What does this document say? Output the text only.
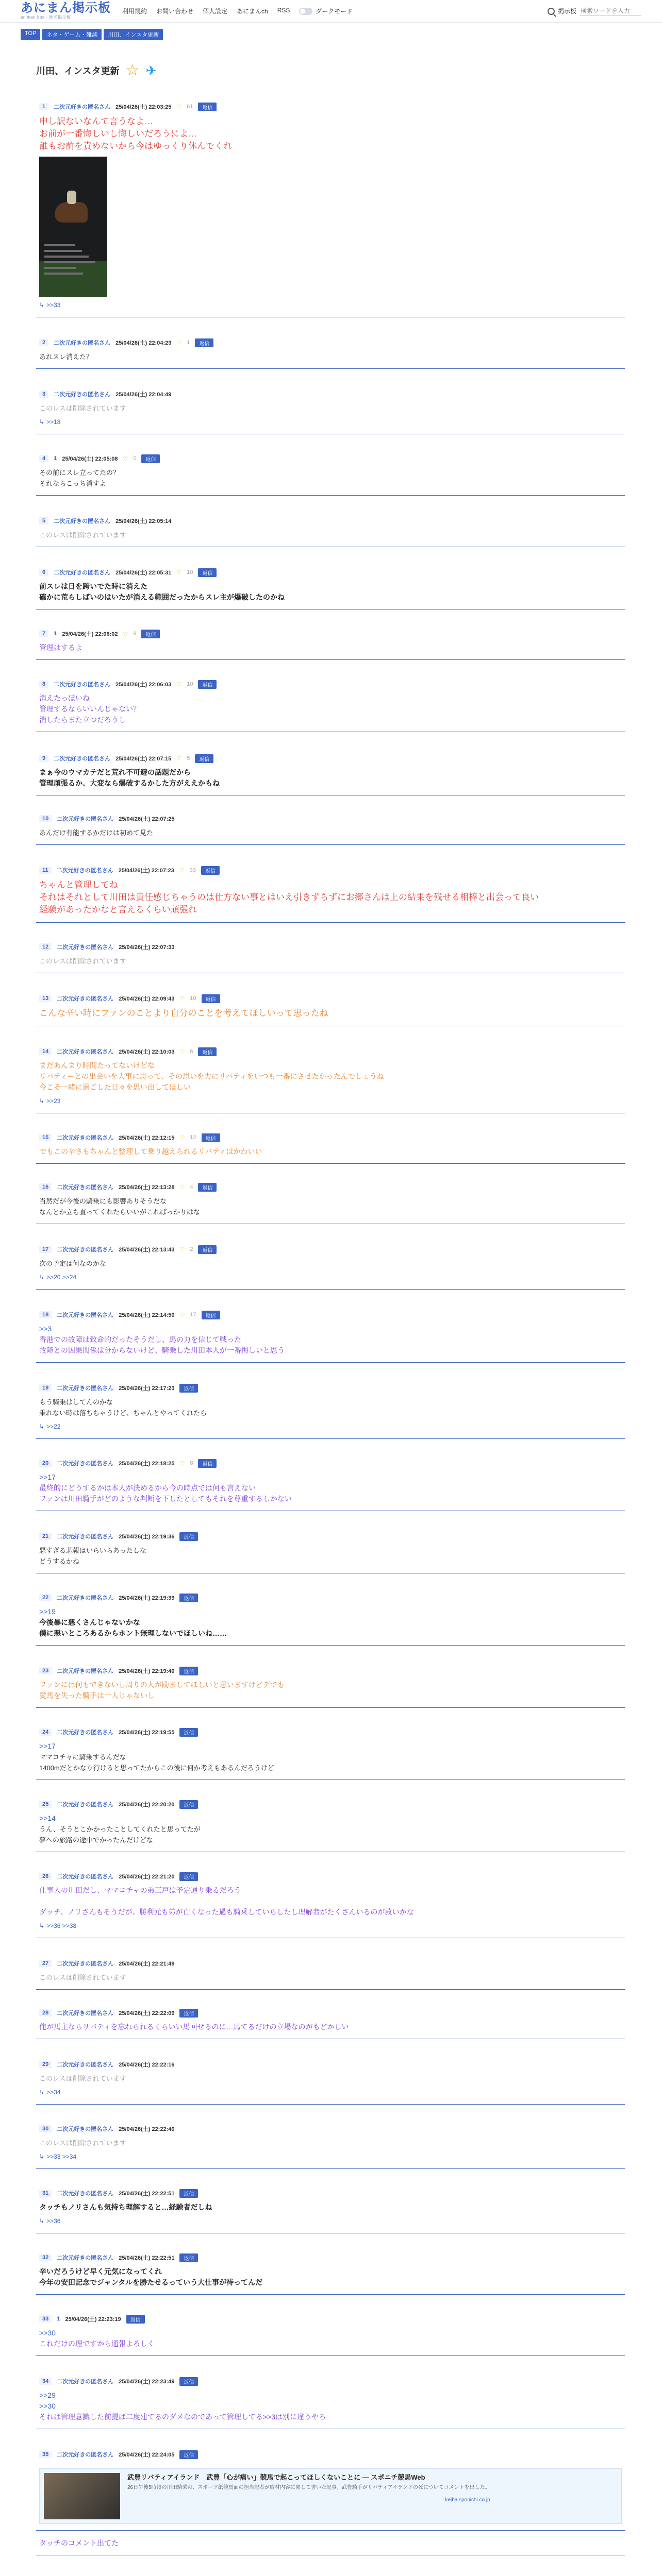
あにまん掲示板
animan bbs · 匿名掲示板
利用規約 お問い合わせ 個人設定 あにまんch RSS	ダークモード	掲示板
検索ワードを入力
TOP	ネタ・ゲーム・雑談	川田、インスタ更新
川田、インスタ更新 ☆ ✈
1	二次元好きの匿名さん 25/04/26(土) 22:03:25 ♡ 61	返信
申し訳ないなんて言うなよ…
お前が一番悔しいし悔しいだろうによ…
誰もお前を責めないから今はゆっくり休んでくれ
↳ >>33
2	二次元好きの匿名さん 25/04/26(土) 22:04:23 ♡ 1	返信
あれスレ消えた？
3	二次元好きの匿名さん 25/04/26(土) 22:04:49
このレスは削除されています
↳ >>18
4	1 25/04/26(土) 22:05:08 ♡ 0	返信
その前にスレ立ってたの？
それならこっち消すよ
5	二次元好きの匿名さん 25/04/26(土) 22:05:14
このレスは削除されています
6	二次元好きの匿名さん 25/04/26(土) 22:05:31 ♡ 10	返信
前スレは日を跨いでた時に消えた
確かに荒らしばいのはいたが消える範囲だったからスレ主が爆破したのかね
7	1 25/04/26(土) 22:06:02 ♡ 9	返信
管理はするよ
8	二次元好きの匿名さん 25/04/26(土) 22:06:03 ♡ 10	返信
消えたっぽいね
管理するならいいんじゃない？
消したらまた立つだろうし
9	二次元好きの匿名さん 25/04/26(土) 22:07:15 ♡ 5	返信
まぁ今のウマカテだと荒れ不可避の話題だから
管理頑張るか、大変なら爆破するかした方がええかもね
10	二次元好きの匿名さん 25/04/26(土) 22:07:25
あんだけ有能するかだけは初めて見た
11	二次元好きの匿名さん 25/04/26(土) 22:07:23 ♡ 33	返信
ちゃんと管理してね
それはそれとして川田は責任感じちゃうのは仕方ない事とはいえ引きずらずにお郷さんは上の結果を残せる相棒と出会って良い
経験があったかなと言えるくらい頑張れ
12	二次元好きの匿名さん 25/04/26(土) 22:07:33
このレスは削除されています
13	二次元好きの匿名さん 25/04/26(土) 22:09:43 ♡ 10	返信
こんな辛い時にファンのことより自分のことを考えてほしいって思ったね
14	二次元好きの匿名さん 25/04/26(土) 22:10:03 ♡ 6	返信
まだあんまり時間たってないけどな
リバティーとの出会いを大事に思って、その思いを力にリバティをいつも一番にさせたかったんでしょうね
今こそ一緒に過ごした日々を思い出してほしい
↳ >>23
15	二次元好きの匿名さん 25/04/26(土) 22:12:15 ♡ 12	返信
でもこの辛さもちゃんと整理して乗り越えられるリバティはかわいい
16	二次元好きの匿名さん 25/04/26(土) 22:13:28 ♡ 4	返信
当然だが今後の騎乗にも影響ありそうだな
なんとか立ち直ってくれたらいいがこればっかりはな
17	二次元好きの匿名さん 25/04/26(土) 22:13:43 ♡ 2	返信
次の予定は何なのかな
↳ >>20 >>24
18	二次元好きの匿名さん 25/04/26(土) 22:14:50 ♡ 17	返信
>>3
香港での故障は致命的だったそうだし、馬の力を信じて戦った
故障との因果関係は分からないけど、騎乗した川田本人が一番悔しいと思う
19	二次元好きの匿名さん 25/04/26(土) 22:17:23	返信
もう騎乗はしてんのかな
乗れない時は落ちちゃうけど、ちゃんとやってくれたら
↳ >>22
20	二次元好きの匿名さん 25/04/26(土) 22:18:25 ♡ 8	返信
>>17
最終的にどうするかは本人が決めるから今の時点では何も言えない
ファンは川田騎手がどのような判断を下したとしてもそれを尊重するしかない
21	二次元好きの匿名さん 25/04/26(土) 22:19:36	返信
悪すぎる悲報はいらいらあったしな
どうするかね
22	二次元好きの匿名さん 25/04/26(土) 22:19:39	返信
>>19
今後暴に悪くさんじゃないかな
僕に悪いところあるからホント無理しないでほしいね……
23	二次元好きの匿名さん 25/04/26(土) 22:19:40	返信
ファンには何もできないし周りの人が励ましてほしいと思いますけどデでも
愛馬を失った騎手は一人じゃないし
24	二次元好きの匿名さん 25/04/26(土) 22:19:55	返信
>>17
ママコチャに騎乗するんだな
1400mだとかなり行けると思ってたからこの後に何か考えもあるんだろうけど
25	二次元好きの匿名さん 25/04/26(土) 22:20:20	返信
>>14
うん、そうとこかかったことしてくれたと思ってたが
夢への旅路の途中でかったんだけどな
26	二次元好きの匿名さん 25/04/26(土) 22:21:20	返信
仕事人の川田だし、ママコチャの弟三戸は予定通り乗るだろう

ダッチ、ノリさんもそうだが、勝利元も弟が亡くなった過も騎乗していらしたし理解者がたくさんいるのが救いかな
↳ >>36 >>38
27	二次元好きの匿名さん 25/04/26(土) 22:21:49
このレスは削除されています
28	二次元好きの匿名さん 25/04/26(土) 22:22:09	返信
俺が馬主ならリバティを忘れられるくらいい馬回せるのに…馬てるだけの立場なのがもどかしい
29	二次元好きの匿名さん 25/04/26(土) 22:22:16
このレスは削除されています
↳ >>34
30	二次元好きの匿名さん 25/04/26(土) 22:22:40
このレスは削除されています
↳ >>33 >>34
31	二次元好きの匿名さん 25/04/26(土) 22:22:51	返信
タッチもノリさんも気持ち理解すると…経験者だしね
↳ >>36
32	二次元好きの匿名さん 25/04/26(土) 22:22:51	返信
辛いだろうけど早く元気になってくれ
今年の安田記念でジャンタルを勝たせるっていう大仕事が待ってんだ
33	1 25/04/26(土) 22:23:19	返信
>>30
これだけの理ですから通報よろしく
34	二次元好きの匿名さん 25/04/26(土) 22:23:49	返信
>>29
>>30
それは管理意識した前提ば二度建てるのダメなのであって管理してる>>3は別に違うやろ
35	二次元好きの匿名さん 25/04/26(土) 22:24:05	返信
武豊リバティアイランド　武豊「心が痛い」競馬で起こってほしくないことに ― スポニチ競馬Web
26日午後5時頃の川田騎乗の、スポーツ紙競馬面の担当記者が取材内容に関して書いた記事。武豊騎手がリバティアイランドの死についてコメントを出した。
keiba.sponichi.co.jp
タッチのコメント出てた
